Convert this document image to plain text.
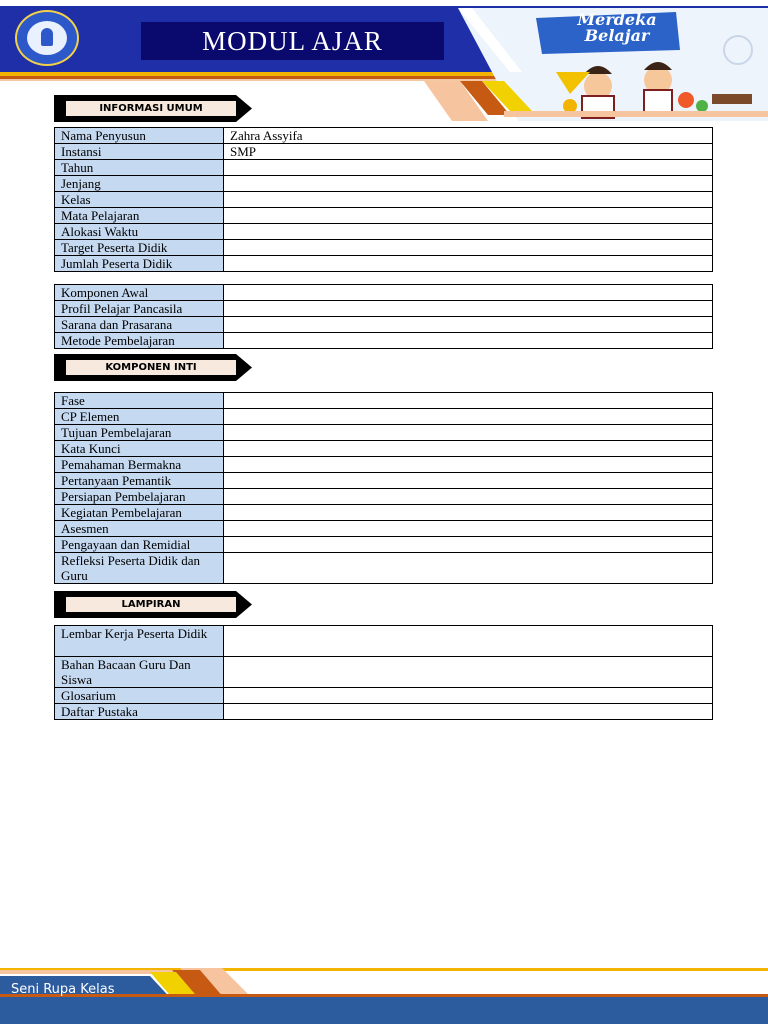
MODUL AJAR
Merdeka
Belajar
INFORMASI UMUM
Nama Penyusun	Zahra Assyifa
Instansi	SMP
Tahun	
Jenjang	
Kelas	
Mata Pelajaran	
Alokasi Waktu	
Target Peserta Didik	
Jumlah Peserta Didik	
Komponen Awal	
Profil Pelajar Pancasila	
Sarana dan Prasarana	
Metode Pembelajaran	
KOMPONEN INTI
Fase	
CP Elemen	
Tujuan Pembelajaran	
Kata Kunci	
Pemahaman Bermakna	
Pertanyaan Pemantik	
Persiapan Pembelajaran	
Kegiatan Pembelajaran	
Asesmen	
Pengayaan dan Remidial	
Refleksi Peserta Didik dan Guru	
LAMPIRAN
Lembar Kerja Peserta Didik	
Bahan Bacaan Guru Dan Siswa	
Glosarium	
Daftar Pustaka	
Seni Rupa Kelas
